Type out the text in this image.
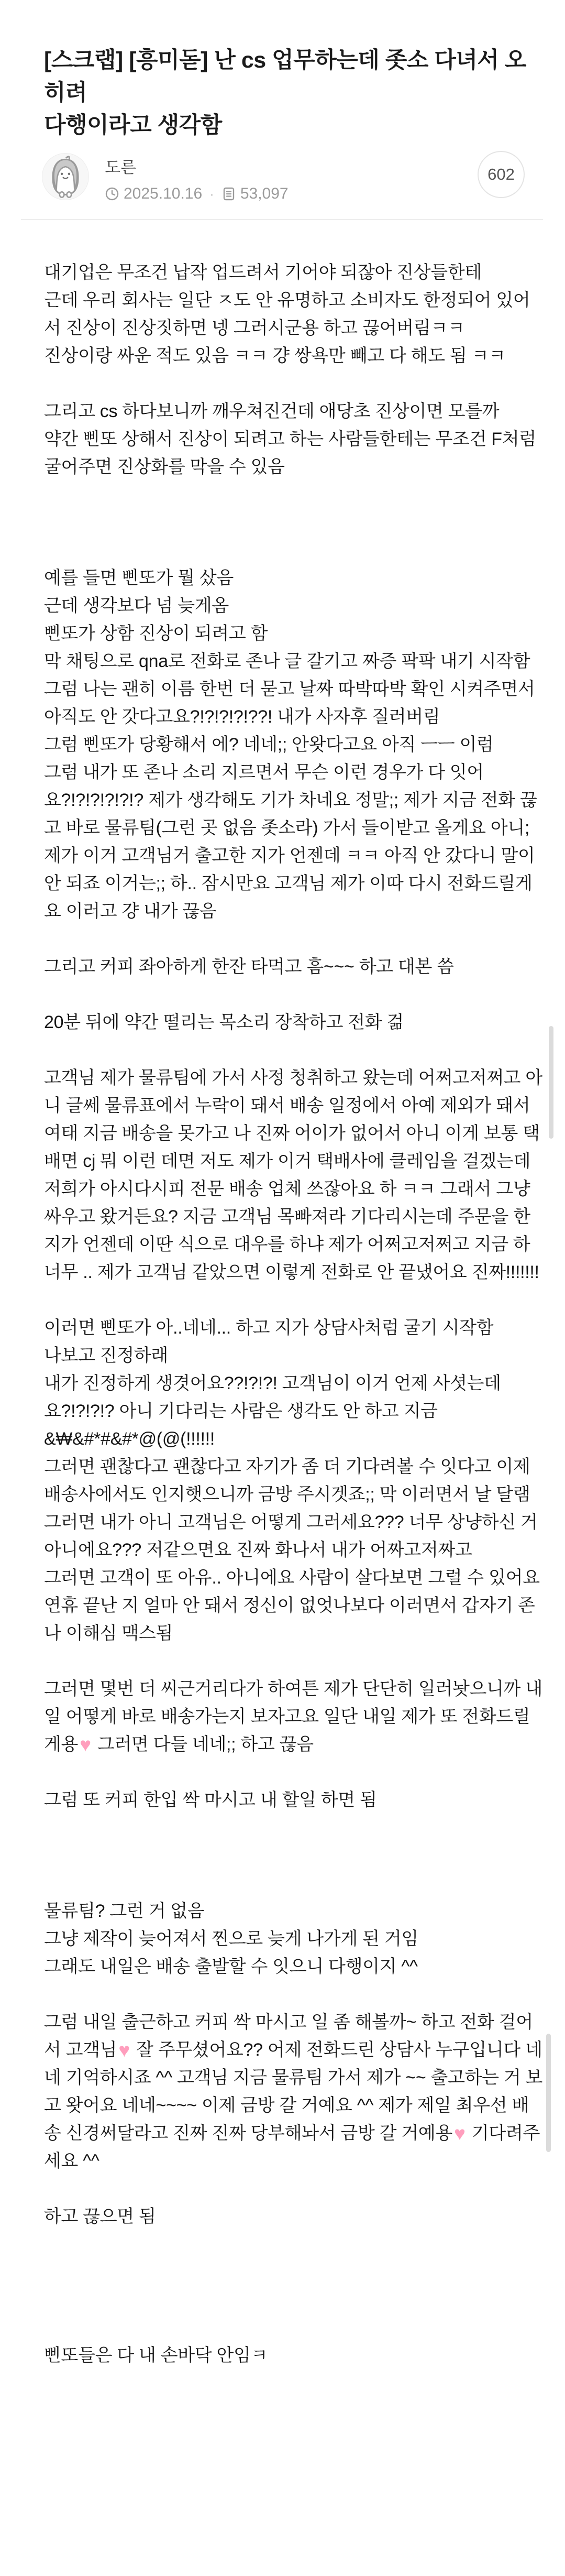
[스크랩] [흥미돋] 난 cs 업무하는데 좃소 다녀서 오히려
다행이라고 생각함
도른
2025.10.16 · 53,097
602
대기업은 무조건 납작 업드려서 기어야 되잖아 진상들한테
근데 우리 회사는 일단 ㅈ도 안 유명하고 소비자도 한정되어 있어서 진상이 진상짓하면 넹 그러시군용 하고 끊어버림ㅋㅋ
진상이랑 싸운 적도 있음 ㅋㅋ 걍 쌍욕만 빼고 다 해도 됨 ㅋㅋ

그리고 cs 하다보니까 깨우쳐진건데 애당초 진상이면 모를까
약간 삔또 상해서 진상이 되려고 하는 사람들한테는 무조건 F처럼 굴어주면 진상화를 막을 수 있음

예를 들면 삔또가 뭘 샀음
근데 생각보다 넘 늦게옴
삔또가 상함 진상이 되려고 함
막 채팅으로 qna로 전화로 존나 글 갈기고 짜증 팍팍 내기 시작함
그럼 나는 괜히 이름 한번 더 묻고 날짜 따박따박 확인 시켜주면서
아직도 안 갓다고요?!?!?!?!??! 내가 사자후 질러버림
그럼 삔또가 당황해서 에? 네네;; 안왓다고요 아직 ㅡㅡ 이럼
그럼 내가 또 존나 소리 지르면서 무슨 이런 경우가 다 잇어요?!?!?!?!?!? 제가 생각해도 기가 차네요 정말;; 제가 지금 전화 끊고 바로 물류팀(그런 곳 없음 좃소라) 가서 들이받고 올게요 아니; 제가 이거 고객님거 출고한 지가 언젠데 ㅋㅋ 아직 안 갔다니 말이 안 되죠 이거는;; 하.. 잠시만요 고객님 제가 이따 다시 전화드릴게요 이러고 걍 내가 끊음

그리고 커피 좌아하게 한잔 타먹고 흠~~~ 하고 대본 씀

20분 뒤에 약간 떨리는 목소리 장착하고 전화 걺

고객님 제가 물류팀에 가서 사정 청취하고 왔는데 어쩌고저쩌고 아니 글쎄 물류표에서 누락이 돼서 배송 일정에서 아예 제외가 돼서 여태 지금 배송을 못가고 나 진짜 어이가 없어서 아니 이게 보통 택배면 cj 뭐 이런 데면 저도 제가 이거 택배사에 클레임을 걸겠는데 저희가 아시다시피 전문 배송 업체 쓰잖아요 하 ㅋㅋ 그래서 그냥 싸우고 왔거든요? 지금 고객님 목빠져라 기다리시는데 주문을 한 지가 언젠데 이딴 식으로 대우를 하냐 제가 어쩌고저쩌고 지금 하 너무 .. 제가 고객님 같았으면 이렇게 전화로 안 끝냈어요 진짜!!!!!!!

이러면 삔또가 아..네네... 하고 지가 상담사처럼 굴기 시작함
나보고 진정하래
내가 진정하게 생겻어요??!?!?! 고객님이 이거 언제 사셧는데요?!?!?!? 아니 기다리는 사람은 생각도 안 하고 지금 &₩&#*#&#*@(@(!!!!!!
그러면 괜찮다고 괜찮다고 자기가 좀 더 기다려볼 수 잇다고 이제 배송사에서도 인지햇으니까 금방 주시겟죠;; 막 이러면서 날 달램
그러면 내가 아니 고객님은 어떻게 그러세요??? 너무 상냥하신 거 아니에요??? 저같으면요 진짜 화나서 내가 어짜고저짜고
그러면 고객이 또 아유.. 아니에요 사람이 살다보면 그럴 수 있어요 연휴 끝난 지 얼마 안 돼서 정신이 없엇나보다 이러면서 갑자기 존나 이해심 맥스됨

그러면 몇번 더 씨근거리다가 하여튼 제가 단단히 일러놧으니까 내일 어떻게 바로 배송가는지 보자고요 일단 내일 제가 또 전화드릴게용♥ 그러면 다들 네네;; 하고 끊음

그럼 또 커피 한입 싹 마시고 내 할일 하면 됨

물류팀? 그런 거 없음
그냥 제작이 늦어져서 찐으로 늦게 나가게 된 거임
그래도 내일은 배송 출발할 수 잇으니 다행이지 ^^

그럼 내일 출근하고 커피 싹 마시고 일 좀 해볼까~ 하고 전화 걸어서 고객님♥ 잘 주무셨어요?? 어제 전화드린 상담사 누구입니다 네네 기억하시죠 ^^ 고객님 지금 물류팀 가서 제가 ~~ 출고하는 거 보고 왓어요 네네~~~~ 이제 금방 갈 거예요 ^^ 제가 제일 최우선 배송 신경써달라고 진짜 진짜 당부해놔서 금방 갈 거예용♥ 기다려주세요 ^^

하고 끊으면 됨

삔또들은 다 내 손바닥 안임ㅋ
